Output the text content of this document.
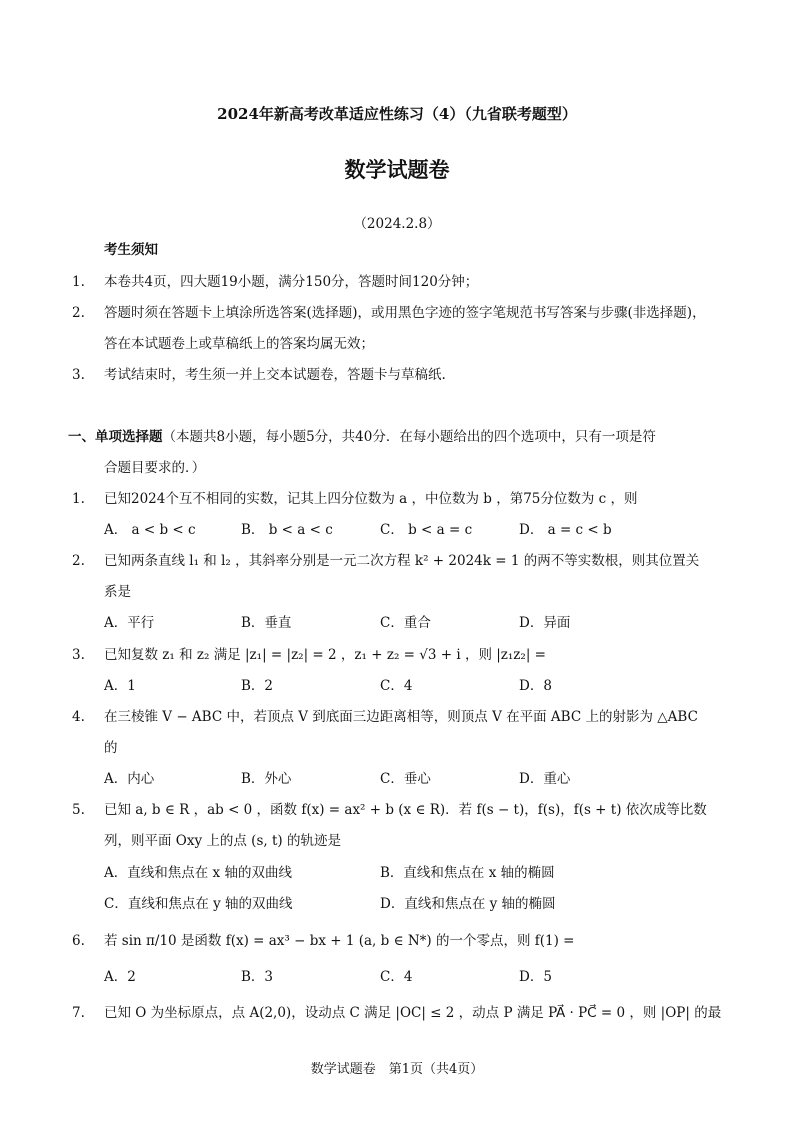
2024年新高考改革适应性练习（4）（九省联考题型）
数学试题卷
（2024.2.8）
考生须知
1. 本卷共4页，四大题19小题，满分150分，答题时间120分钟；
2. 答题时须在答题卡上填涂所选答案(选择题)，或用黑色字迹的签字笔规范书写答案与步骤(非选择题)，
答在本试题卷上或草稿纸上的答案均属无效；
3. 考试结束时，考生须一并上交本试题卷，答题卡与草稿纸.
一、单项选择题（本题共8小题，每小题5分，共40分．在每小题给出的四个选项中，只有一项是符
合题目要求的．）
1. 已知2024个互不相同的实数，记其上四分位数为 a ，中位数为 b ，第75分位数为 c ，则
A． a < b < c	B． b < a < c	C． b < a = c	D． a = c < b
2. 已知两条直线 l₁ 和 l₂ ，其斜率分别是一元二次方程 k² + 2024k = 1 的两不等实数根，则其位置关
系是
A．平行	B．垂直	C．重合	D．异面
3. 已知复数 z₁ 和 z₂ 满足 |z₁| = |z₂| = 2 ，z₁ + z₂ = √3 + i ，则 |z₁z₂| =
A．1	B．2	C．4	D．8
4. 在三棱锥 V − ABC 中，若顶点 V 到底面三边距离相等，则顶点 V 在平面 ABC 上的射影为 △ABC
的
A．内心	B．外心	C．垂心	D．重心
5. 已知 a, b ∈ R ，ab < 0 ，函数 f(x) = ax² + b (x ∈ R)．若 f(s − t)，f(s)，f(s + t) 依次成等比数
列，则平面 Oxy 上的点 (s, t) 的轨迹是
A．直线和焦点在 x 轴的双曲线	B．直线和焦点在 x 轴的椭圆
C．直线和焦点在 y 轴的双曲线	D．直线和焦点在 y 轴的椭圆
6. 若 sin π/10 是函数 f(x) = ax³ − bx + 1 (a, b ∈ N*) 的一个零点，则 f(1) =
A．2	B．3	C．4	D．5
7. 已知 O 为坐标原点，点 A(2,0)，设动点 C 满足 |OC| ≤ 2 ，动点 P 满足 PA⃗ · PC⃗ = 0 ，则 |OP| 的最
数学试题卷　第1页（共4页）
